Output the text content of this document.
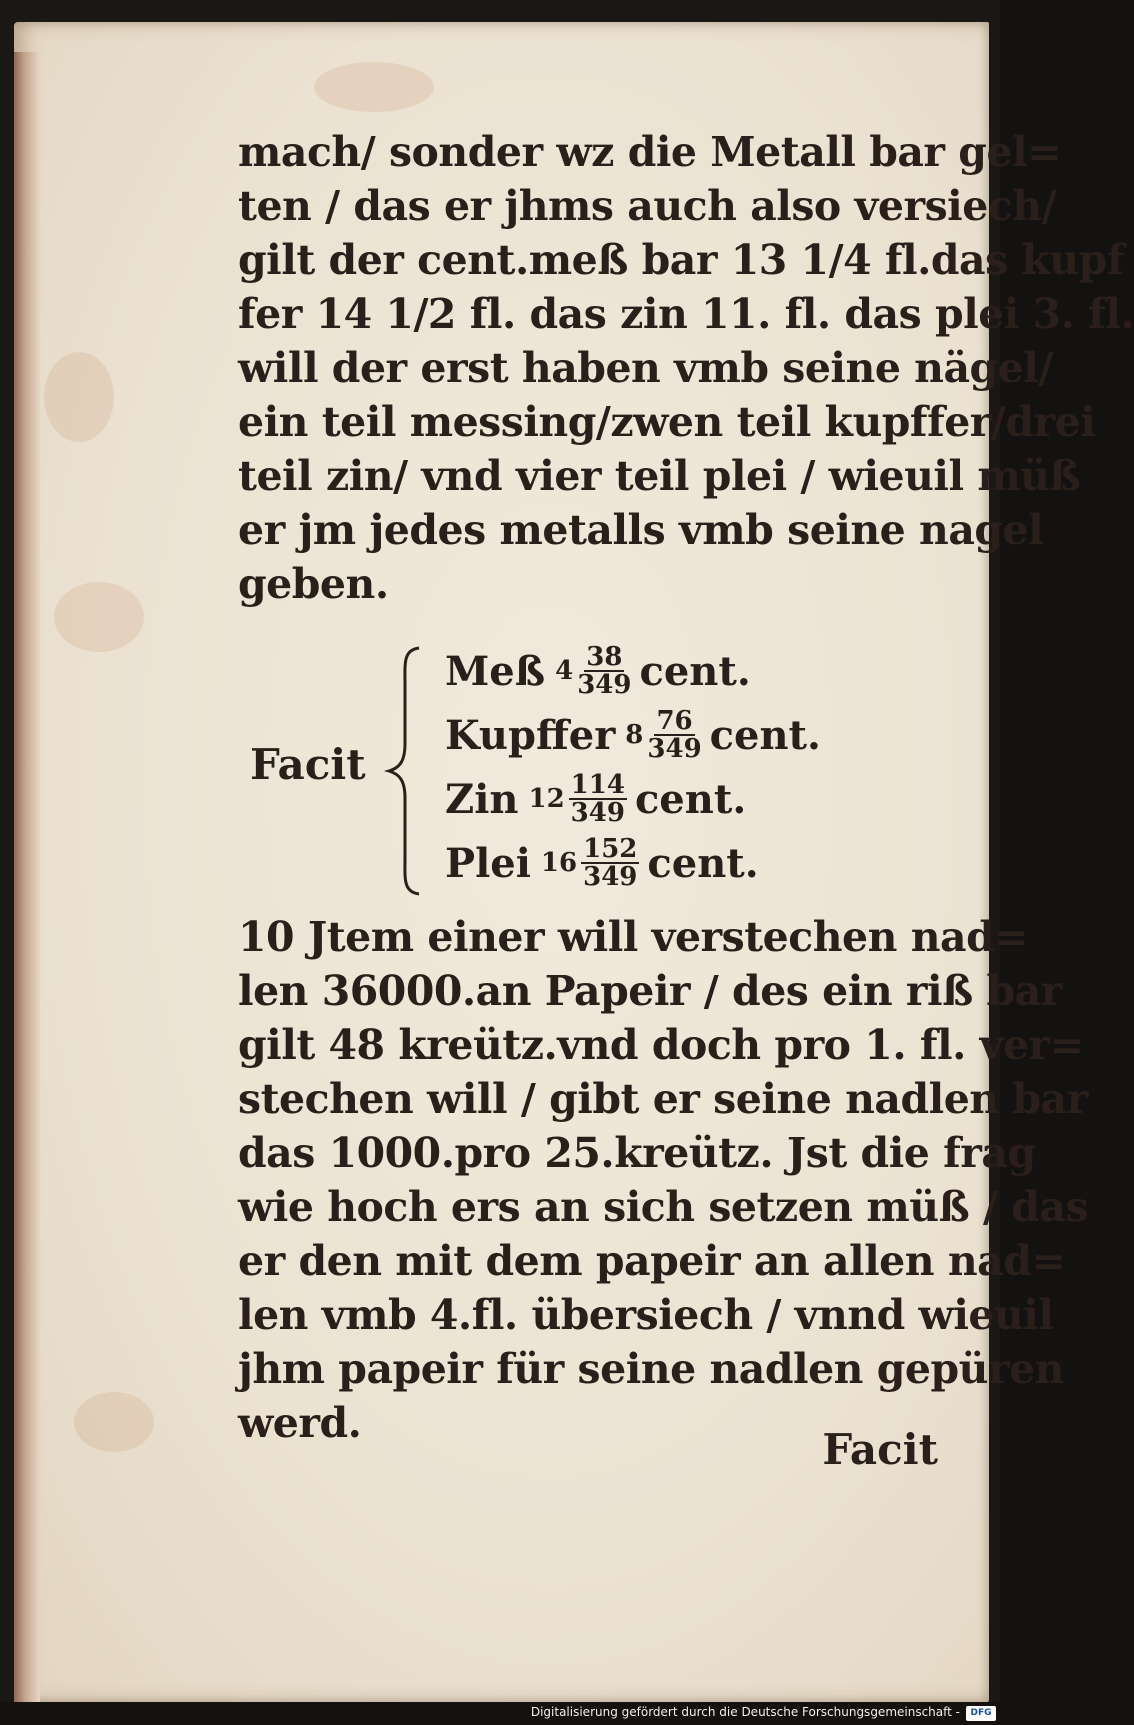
mach/ sonder wz die Metall bar gel=
ten / das er jhms auch also versiech/
gilt der cent.meß bar 13 1/4 fl.das kupf
fer 14 1/2 fl. das zin 11. fl. das plei 3. fl.
will der erst haben vmb seine nägel/
ein teil messing/zwen teil kupffer/drei
teil zin/ vnd vier teil plei / wieuil müß
er jm jedes metalls vmb seine nagel
geben.
Facit
Meß $4 \frac{38}{349}$ cent.
Kupffer $8 \frac{76}{349}$ cent.
Zin $12 \frac{114}{349}$ cent.
Plei $16 \frac{152}{349}$ cent.
10 Jtem einer will verstechen nad=
len 36000.an Papeir / des ein riß bar
gilt 48 kreütz.vnd doch pro 1. fl. ver=
stechen will / gibt er seine nadlen bar
das 1000.pro 25.kreütz. Jst die frag
wie hoch ers an sich setzen müß / das
er den mit dem papeir an allen nad=
len vmb 4.fl. übersiech / vnnd wieuil
jhm papeir für seine nadlen gepüren
werd.
Facit
Digitalisierung gefördert durch die Deutsche Forschungsgemeinschaft -	DFG
